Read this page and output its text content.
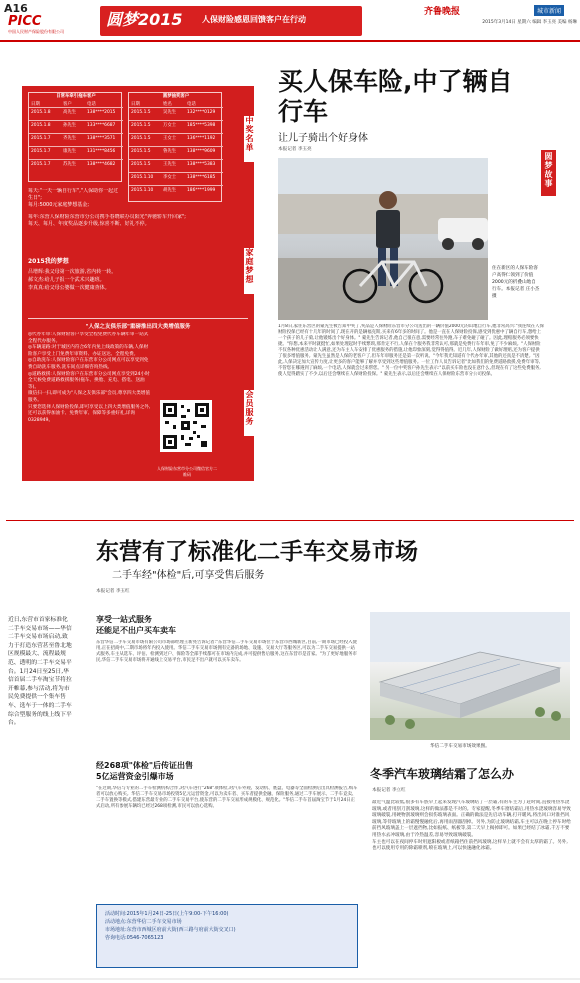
A16
PICC
中国人民财产保险股份有限公司
圆梦2015 人保财险感恩回馈客户在行动
齐鲁晚报	城市新闻
2015年3月14日 星期六 编辑 李玉亮 美编 杨琳
日常车牵引拖车客户
日期	客户	电话
2015.1.8	高先生 138****2015
2015.1.8	孙先生 133****6687
2015.1.7	齐先生 138****3571
2015.1.7	康先生 131****8456
2015.1.7	苏先生 138****4682
圆梦抽奖客户
日期	姓名	电话
2015.1.5	吴先生 132****0129
2015.1.5	万女士 185****5398
2015.1.5	王女士 136****1192
2015.1.5	鲁先生 138****9609
2015.1.5	王先生 138****5383
2015.1.10 李女士 138****6185
2015.1.10 胡先生 186****1999
每天:"一天一辆自行车","人保助你一起过生日";
每月:5000元家庭梦想基金;
每年:东营人保财险东营市分公司携手春晓联办员阳光"奔驰轿车开回家";
每天、每月、年度奖品逐步升级,惊喜不断、好礼不停。
2015我的梦想
吕增辉:我父母第一次旅游,省内转一转。
郝文杰:给儿子报一个武术兴趣班。
李真真:给父母公婆做一次健康查体。
"人保之友俱乐部"重磅推出四大类增值服务
◎代办年审:人保财险客户享受全程免费代办车辆年审一站式全程代办服务。
◎车辆道路:对于城区内符合6年内免上线政策的车辆,人保财险客户享受上门免费年审资料、办证送达、全程免费。
◎自助洗车:人保财险客户在东营市分公司网点可以享受到免费自助洗车服务,洗车间点详细咨询热线。
◎道路救援:人保财险客户在东营市分公司网点享受到24小时全天候免费道路救援服务(拖车、换胎、充电、搭电、送油等)。
微信扫一扫,即可成为"人保之友俱乐部"会员,尊享四大类增值服务。
只要您选择人保财险投保,即可享受以上四大类增值服务之外,还可以获得加油卡、免费年审、保障等多重好礼,详询0328949。
人保财险东营市分公司微信官方二维码
中奖名单
家庭梦想
会员服务
圆梦故事
买人保车险,中了辆自行车
让儿子骑出个好身体
本报记者 李玉亮
住在新区的人保车险客户高得仁领到了价值2000元的折叠山地自行车。本报记者 庄小杰 摄
1月8日,家住东营区的蒙先生被告知中奖了,奖品是人保财险东营市分公司送出的一辆价值2000元的山地自行车,他非常高兴:"我连续在人保财险投保已经有十几年的时间了,现在开的是辆福克斯,买来有6年多的时间了。他是一直在人保财险投保,感受到优惠中了辆自行车,想给上一个孩子的儿子骑,让他锻炼出个好身体。" 蒙先生告诉记者,他自己很在意,需要经常往外跑,车子难免碰了碰了。因此,理赔服务必须要快捷。"你想,本来平时就挺忙,如果处理起时手续繁琐,那肯定不行,人保在个服务我非常认可,那就是免费行车年审,免了不少麻烦。"人保财险不仅各种优惠活动让人满意,还为车主人车安排了优惠服务的措施,让他印象深刻,觉得得值得。近几年,人保财险了做好理赔,还为客户提供了很多增值服务。蒙先生虽然是人保的老客户了,但车年审服务还是第一次听说。"今年我光知道有个代办年审,其他的还真是不清楚。"因此,人保决定加大宣传力度,让更多的客户能够了解并享受到这些增值服务。一位工作人员告诉记者"比如我们的免费道路救援,免费年审等,不管您在哪遇到了麻烦,一个电话,人保就会过来帮您。" 另一位中奖客户孙先生表示:"以前买车险也没在意什么,但现在有了这些免费服务,使人觉得踏实了不少,以后还会继续在人保财险投保。" 蒙先生表示,以后还会继续在人保财险东营市分公司投保。
东营有了标准化二手车交易市场
二手车经"体检"后,可享受售后服务
本报记者 李玉红
近日,东营市首家标准化二手车交易市场——华信二手车交易市场启动,致力于打造东营甚至鲁北地区规模最大、流程最规范、透明的二手车交易平台。1月24日至25日,华信首届二手车淘宝节将拉开帷幕,参与活动,将为市民免费提供一个集车售车、选车于一体的二手车综合型服务的线上线下平台。
享受一站式服务
还能足不出户买车卖车
东营华信二手车交易市场有限公司市场部经理王新亮告诉记者:"东营华信二手车交易市场位于东营市西城新区,目前,一期市场已经投入使用,正在招商中,二期市场将年内投入使用。华信二手车交易市场拥有完备的场地、设施、交易大厅等服务区,可以为二手车交易提供一站式服务,车主从选车、评估、检测到过户、保险等全部手续都可在市场内完成,并可提供售后服务,这在东营市是首家。"为了更好地服务市民,华信二手车交易市场将开通线上交易平台,市民足不出户就可以买车卖车。
经268项"体检"后传证出售
5亿运营资金引爆市场
"在过期,华信与专业的二手车检测机构合作,对汽车进行"268"项体检,对汽车外观、发动机、底盘、电器等全面检测后出具检测报告,购车者可以放心购买。华信二手车交易市场投资5亿元运营资金,可以为卖车者、买车者提供金融、保险服务,通过二手车展示、二手车竞卖、二手车置换等模式,搭建东营最专业的二手车交易平台,使东营的二手车交易形成规模化、规范化。"华信二手车首届淘宝节于1月24日正式启动,所有参展车辆均已经过268项检测,市民可以放心选购。
活动时间:2015年1月24日-25日(上午9:00-下午16:00)
活动地点:东营华信二手车交易市场
市场地址:东营市西城区府前大街(西三路与府前大街交叉口)
咨询电话:0546-7065123
华信二手车交易市场效果图。
冬季汽车玻璃结霜了怎么办
本报记者 李立红
最近气温比较低,很多有车族早上起来发现汽车玻璃结了一层霜,有的车主为了赶时间,直接用热水浇玻璃,或者用刮刀刮玻璃,这样的做法都是不对的。专家提醒,冬季车窗结霜后,用热水浇玻璃容易导致玻璃破裂,用硬物刮玻璃则会损伤玻璃表面。正确的做法是先启动车辆,打开暖风,将出风口对准挡风玻璃,等待玻璃上的霜慢慢融化后,再用雨刮器刮掉。另外,为防止玻璃结霜,车主可以在晚上停车时给前挡风玻璃盖上一层遮挡物,比如报纸、纸板等,第二天早上揭掉即可。如果已经结了冰霜,千万不要用热水去冲玻璃,由于冷热温差,容易导致玻璃破裂。
车主也可以在夜间停车时用遮阳板或者纸箱挡住前挡风玻璃,这样早上就不会有太厚的霜了。另外,也可以使用专用的除霜喷剂,喷在玻璃上,可以快速融化冰霜。
